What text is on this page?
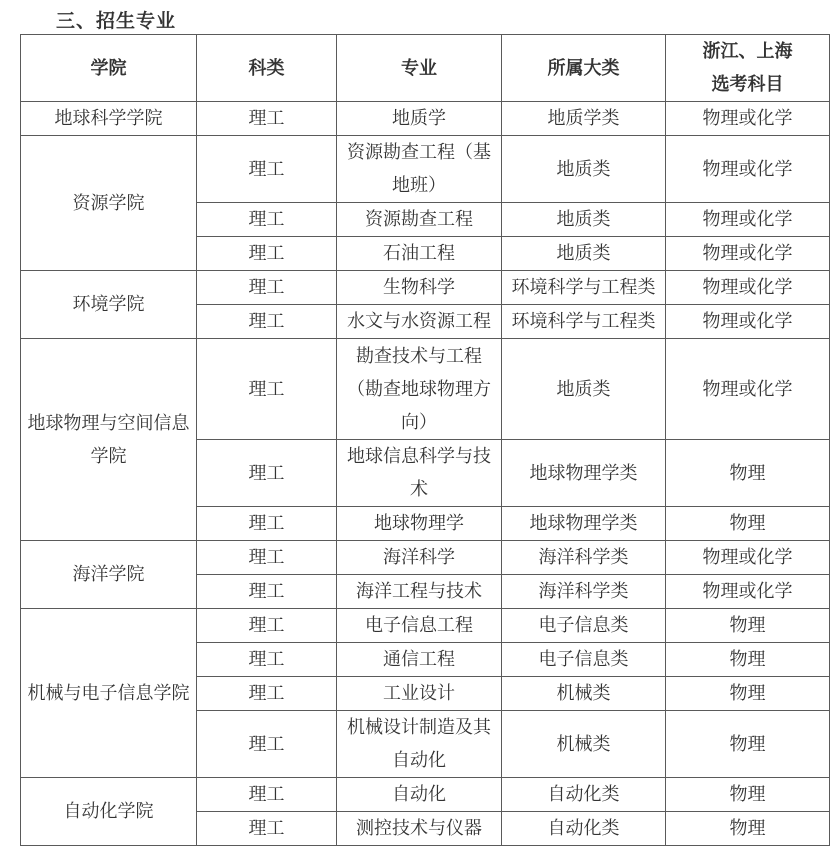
三、招生专业
学院	科类	专业	所属大类	浙江、上海
选考科目
地球科学学院	理工	地质学	地质学类	物理或化学
资源学院	理工	资源勘查工程（基地班）	地质类	物理或化学
	理工	资源勘查工程	地质类	物理或化学
	理工	石油工程	地质类	物理或化学
环境学院	理工	生物科学	环境科学与工程类	物理或化学
	理工	水文与水资源工程	环境科学与工程类	物理或化学
地球物理与空间信息学院	理工	勘查技术与工程（勘查地球物理方向）	地质类	物理或化学
	理工	地球信息科学与技术	地球物理学类	物理
	理工	地球物理学	地球物理学类	物理
海洋学院	理工	海洋科学	海洋科学类	物理或化学
	理工	海洋工程与技术	海洋科学类	物理或化学
机械与电子信息学院	理工	电子信息工程	电子信息类	物理
	理工	通信工程	电子信息类	物理
	理工	工业设计	机械类	物理
	理工	机械设计制造及其自动化	机械类	物理
自动化学院	理工	自动化	自动化类	物理
	理工	测控技术与仪器	自动化类	物理
